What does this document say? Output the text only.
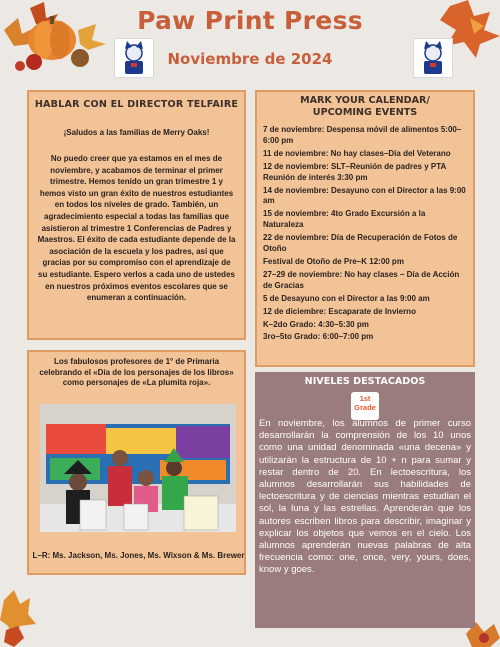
Paw Print Press
Noviembre de 2024
HABLAR CON EL DIRECTOR TELFAIRE
¡Saludos a las familias de Merry Oaks!
No puedo creer que ya estamos en el mes de noviembre, y acabamos de terminar el primer trimestre. Hemos tenido un gran trimestre 1 y hemos visto un gran éxito de nuestros estudiantes en todos los niveles de grado. También, un agradecimiento especial a todas las familias que asistieron al trimestre 1 Conferencias de Padres y Maestros. El éxito de cada estudiante depende de la asociación de la escuela y los padres, así que gracias por su compromiso con el aprendizaje de su estudiante. Espero verlos a cada uno de ustedes en nuestros próximos eventos escolares que se enumeran a continuación.
MARK YOUR CALENDAR/
UPCOMING EVENTS
7 de noviembre: Despensa móvil de alimentos 5:00–6:00 pm
11 de noviembre: No hay clases–Día del Veterano
12 de noviembre: SLT–Reunión de padres y PTA Reunión de interés 3:30 pm
14 de noviembre: Desayuno con el Director a las 9:00 am
15 de noviembre: 4to Grado Excursión a la Naturaleza
22 de noviembre: Día de Recuperación de Fotos de Otoño
Festival de Otoño de Pre–K 12:00 pm
27–29 de noviembre: No hay clases – Día de Acción de Gracias
5 de Desayuno con el Director a las 9:00 am
12 de diciembre: Escaparate de Invierno
K–2do Grado: 4:30–5:30 pm
3ro–5to Grado: 6:00–7:00 pm
Los fabulosos profesores de 1° de Primaria celebrando el «Día de los personajes de los libros» como personajes de «La plumita roja».
L–R: Ms. Jackson, Ms. Jones, Ms. Wixson & Ms. Brewer
NIVELES DESTACADOS
1st
Grade
En noviembre, los alumnos de primer curso desarrollarán la comprensión de los 10 unos como una unidad denominada «una decena» y utilizarán la estructura de 10 + n para sumar y restar dentro de 20. En lectoescritura, los alumnos desarrollarán sus habilidades de lectoescritura y de ciencias mientras estudian el sol, la luna y las estrellas. Aprenderán que los autores escriben libros para describir, imaginar y explicar los objetos que vemos en el cielo. Los alumnos aprenderán nuevas palabras de alta frecuencia como: one, once, very, yours, does, know y goes.
